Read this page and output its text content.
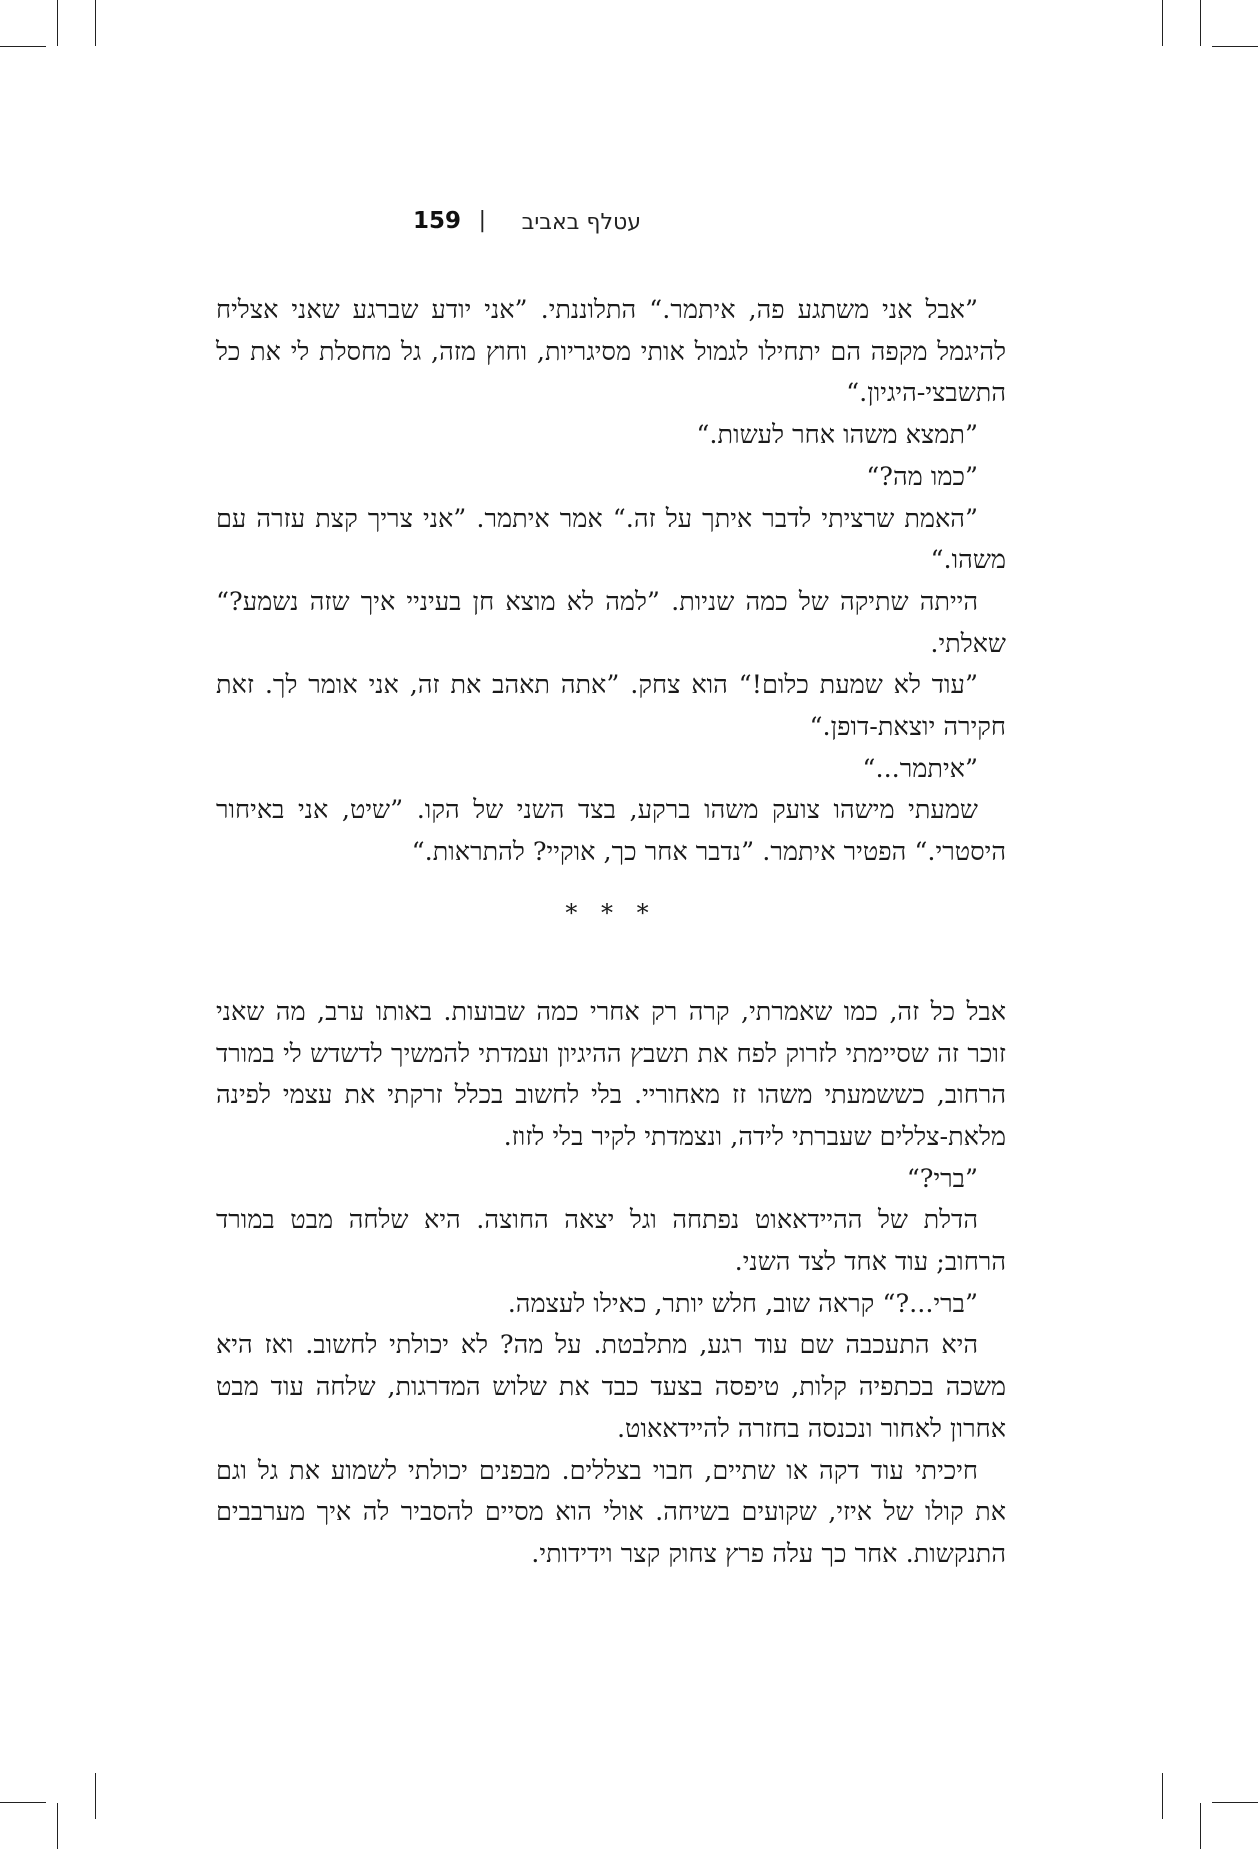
עטלף באביב
|
159

”אבל אני משתגע פה, איתמר.“ התלוננתי. ”אני יודע שברגע שאני אצליח להיגמל מקפה הם יתחילו לגמול אותי מסיגריות, וחוץ מזה, גל מחסלת לי את כל התשבצי-היגיון.“

”תמצא משהו אחר לעשות.“

”כמו מה?“

”האמת שרציתי לדבר איתך על זה.“ אמר איתמר. ”אני צריך קצת עזרה עם משהו.“

הייתה שתיקה של כמה שניות. ”למה לא מוצא חן בעיניי איך שזה נשמע?“ שאלתי.

”עוד לא שמעת כלום!“ הוא צחק. ”אתה תאהב את זה, אני אומר לך. זאת חקירה יוצאת-דופן.“

”איתמר...“

שמעתי מישהו צועק משהו ברקע, בצד השני של הקו. ”שיט, אני באיחור היסטרי.“ הפטיר איתמר. ”נדבר אחר כך, אוקיי? להתראות.“

* * *

אבל כל זה, כמו שאמרתי, קרה רק אחרי כמה שבועות. באותו ערב, מה שאני זוכר זה שסיימתי לזרוק לפח את תשבץ ההיגיון ועמדתי להמשיך לדשדש לי במורד הרחוב, כששמעתי משהו זז מאחוריי. בלי לחשוב בכלל זרקתי את עצמי לפינה מלאת-צללים שעברתי לידה, ונצמדתי לקיר בלי לזוז.

”ברי?“

הדלת של ההיידאאוט נפתחה וגל יצאה החוצה. היא שלחה מבט במורד הרחוב; עוד אחד לצד השני.

”ברי...?“ קראה שוב, חלש יותר, כאילו לעצמה.

היא התעכבה שם עוד רגע, מתלבטת. על מה? לא יכולתי לחשוב. ואז היא משכה בכתפיה קלות, טיפסה בצעד כבד את שלוש המדרגות, שלחה עוד מבט אחרון לאחור ונכנסה בחזרה להיידאאוט.

חיכיתי עוד דקה או שתיים, חבוי בצללים. מבפנים יכולתי לשמוע את גל וגם את קולו של איזי, שקועים בשיחה. אולי הוא מסיים להסביר לה איך מערבבים התנקשות. אחר כך עלה פרץ צחוק קצר וידידותי.
